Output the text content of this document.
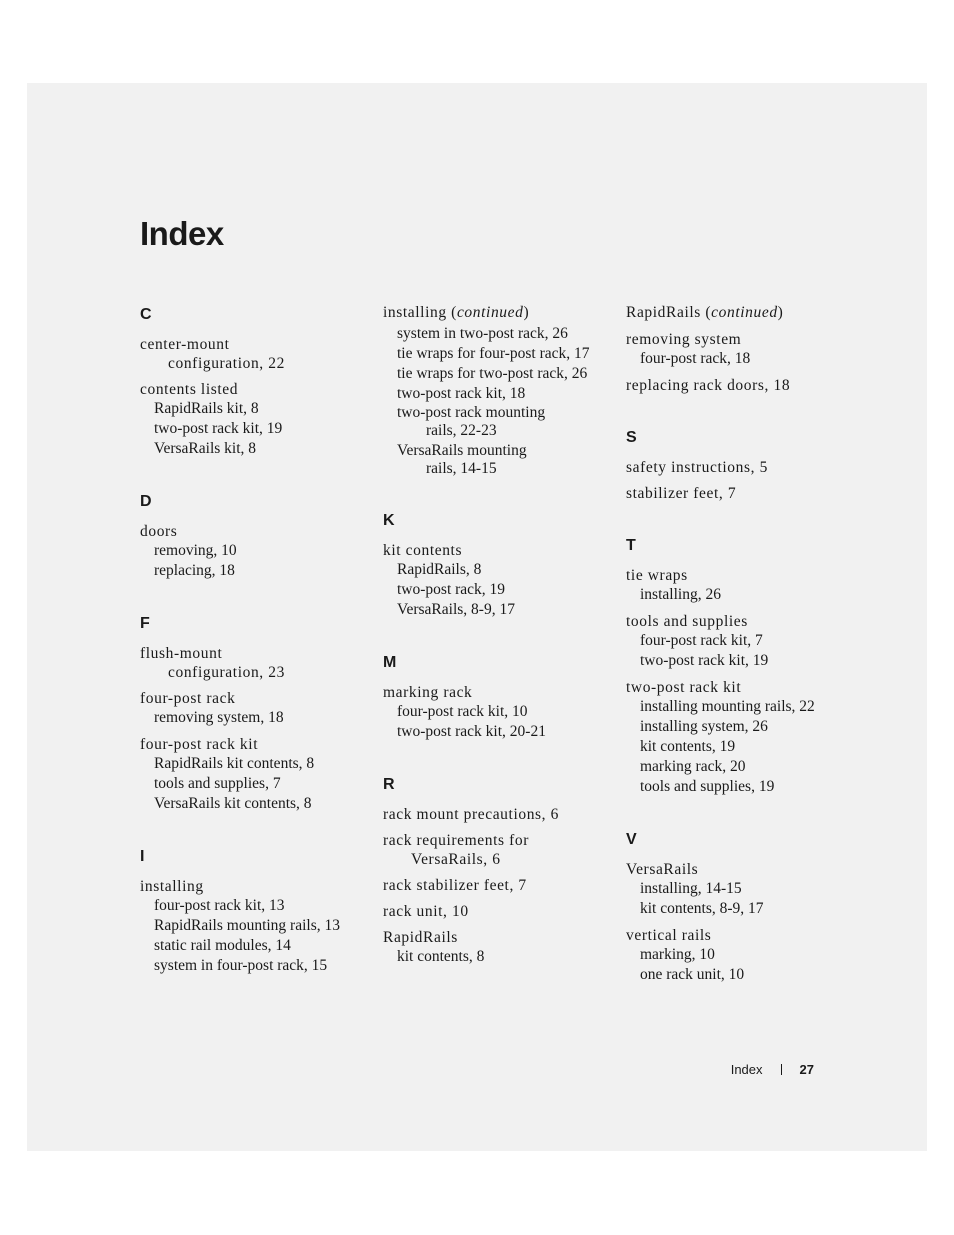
Index
C
center-mount
configuration, 22
contents listed
RapidRails kit, 8
two-post rack kit, 19
VersaRails kit, 8
D
doors
removing, 10
replacing, 18
F
flush-mount
configuration, 23
four-post rack
removing system, 18
four-post rack kit
RapidRails kit contents, 8
tools and supplies, 7
VersaRails kit contents, 8
I
installing
four-post rack kit, 13
RapidRails mounting rails, 13
static rail modules, 14
system in four-post rack, 15
installing (continued)
system in two-post rack, 26
tie wraps for four-post rack, 17
tie wraps for two-post rack, 26
two-post rack kit, 18
two-post rack mounting
rails, 22-23
VersaRails mounting
rails, 14-15
K
kit contents
RapidRails, 8
two-post rack, 19
VersaRails, 8-9, 17
M
marking rack
four-post rack kit, 10
two-post rack kit, 20-21
R
rack mount precautions, 6
rack requirements for
VersaRails, 6
rack stabilizer feet, 7
rack unit, 10
RapidRails
kit contents, 8
RapidRails (continued)
removing system
four-post rack, 18
replacing rack doors, 18
S
safety instructions, 5
stabilizer feet, 7
T
tie wraps
installing, 26
tools and supplies
four-post rack kit, 7
two-post rack kit, 19
two-post rack kit
installing mounting rails, 22
installing system, 26
kit contents, 19
marking rack, 20
tools and supplies, 19
V
VersaRails
installing, 14-15
kit contents, 8-9, 17
vertical rails
marking, 10
one rack unit, 10
Index	27
